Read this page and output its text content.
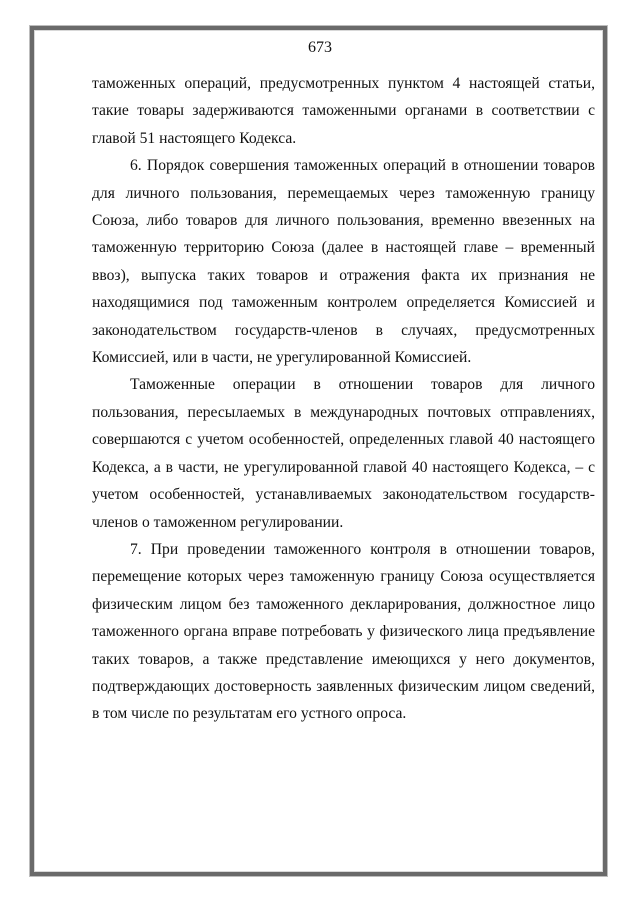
673

таможенных операций, предусмотренных пунктом 4 настоящей статьи, такие товары задерживаются таможенными органами в соответствии с главой 51 настоящего Кодекса.

6. Порядок совершения таможенных операций в отношении товаров для личного пользования, перемещаемых через таможенную границу Союза, либо товаров для личного пользования, временно ввезенных на таможенную территорию Союза (далее в настоящей главе – временный ввоз), выпуска таких товаров и отражения факта их признания не находящимися под таможенным контролем определяется Комиссией и законодательством государств-членов в случаях, предусмотренных Комиссией, или в части, не урегулированной Комиссией.

Таможенные операции в отношении товаров для личного пользования, пересылаемых в международных почтовых отправлениях, совершаются с учетом особенностей, определенных главой 40 настоящего Кодекса, а в части, не урегулированной главой 40 настоящего Кодекса, – с учетом особенностей, устанавливаемых законодательством государств-членов о таможенном регулировании.

7. При проведении таможенного контроля в отношении товаров, перемещение которых через таможенную границу Союза осуществляется физическим лицом без таможенного декларирования, должностное лицо таможенного органа вправе потребовать у физического лица предъявление таких товаров, а также представление имеющихся у него документов, подтверждающих достоверность заявленных физическим лицом сведений, в том числе по результатам его устного опроса.
